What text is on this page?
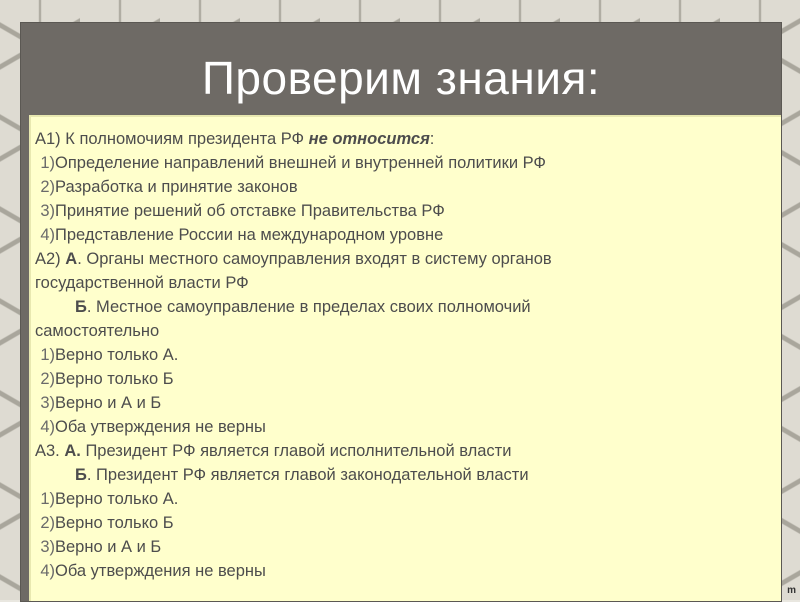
Проверим знания:
А1) К полномочиям президента РФ не относится:
1) Определение направлений внешней и внутренней политики РФ
2) Разработка и принятие законов
3) Принятие решений об отставке Правительства РФ
4) Представление России на международном уровне
А2) А. Органы местного самоуправления входят в систему органов
государственной власти РФ
Б. Местное самоуправление в пределах своих полномочий
самостоятельно
1) Верно только А.
2) Верно только Б
3) Верно и А и Б
4) Оба утверждения не верны
А3. А. Президент РФ является главой исполнительной власти
Б. Президент РФ является главой законодательной власти
1) Верно только А.
2) Верно только Б
3) Верно и А и Б
4) Оба утверждения не верны
m
